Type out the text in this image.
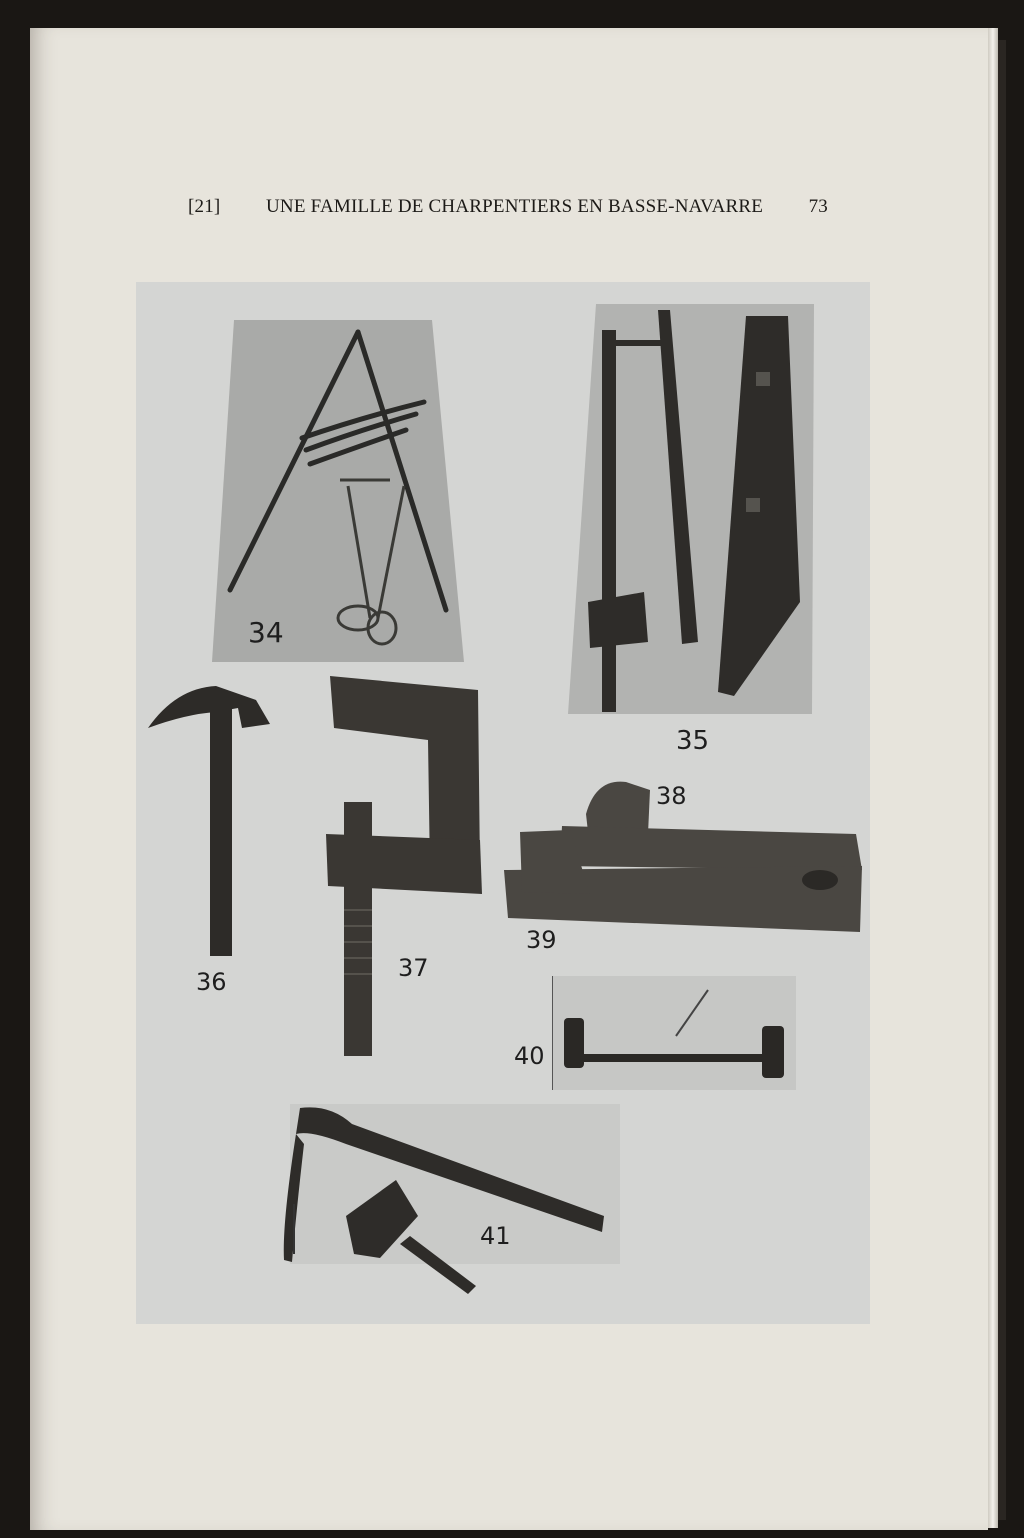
[21]	UNE FAMILLE DE CHARPENTIERS EN BASSE-NAVARRE	73
34
35
36	37
38
39
40
41
